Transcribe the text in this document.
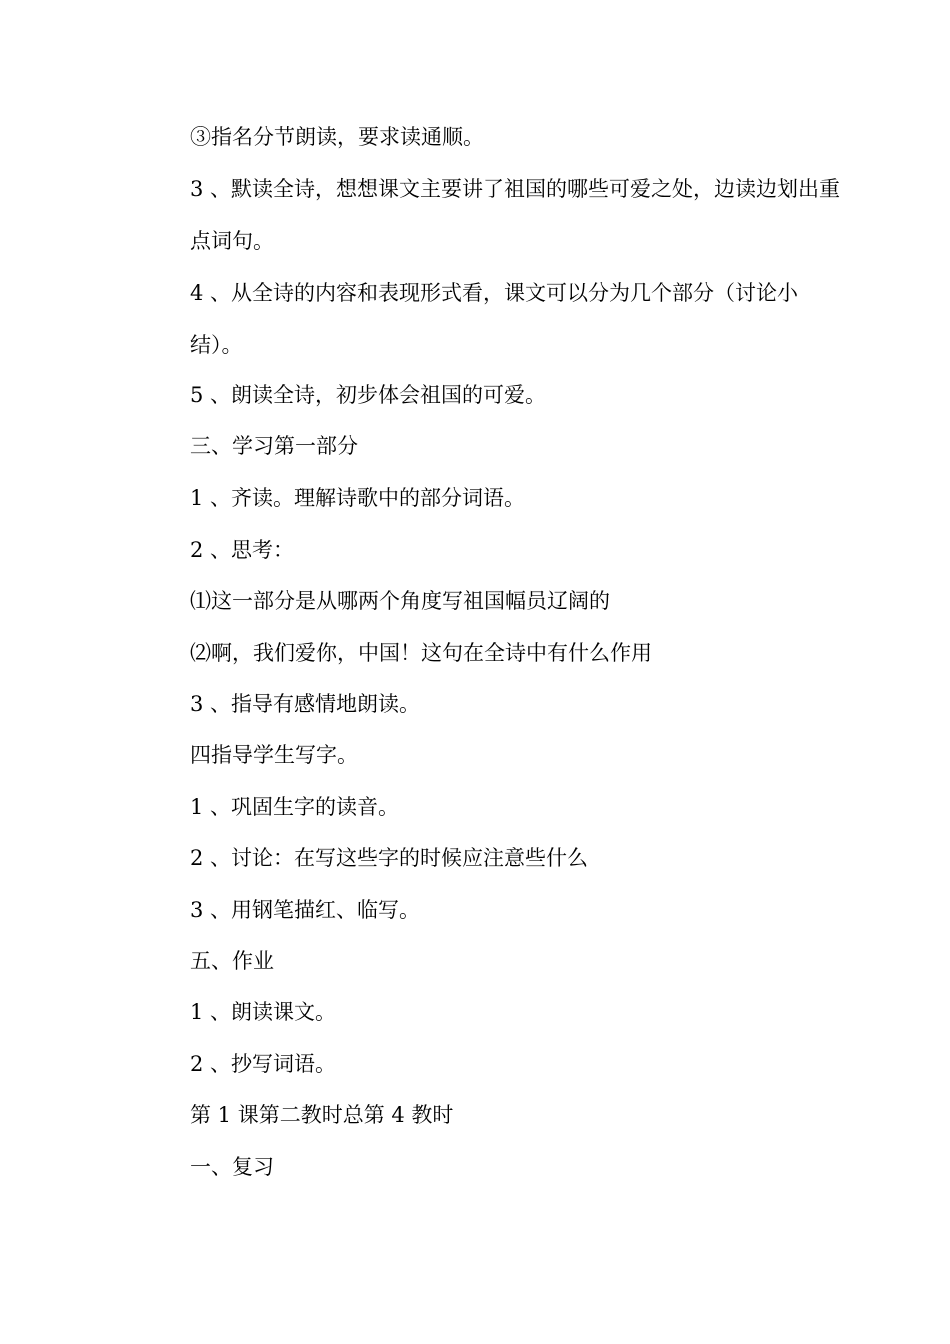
③指名分节朗读，要求读通顺。
3 、默读全诗，想想课文主要讲了祖国的哪些可爱之处，边读边划出重点词句。
4 、从全诗的内容和表现形式看，课文可以分为几个部分（讨论小结）。
5 、朗读全诗，初步体会祖国的可爱。
三、学习第一部分
1 、齐读。理解诗歌中的部分词语。
2 、思考：
⑴这一部分是从哪两个角度写祖国幅员辽阔的
⑵啊，我们爱你，中国！这句在全诗中有什么作用
3 、指导有感情地朗读。
四指导学生写字。
1 、巩固生字的读音。
2 、讨论：在写这些字的时候应注意些什么
3 、用钢笔描红、临写。
五、作业
1 、朗读课文。
2 、抄写词语。
第 1 课第二教时总第 4 教时
一、复习
